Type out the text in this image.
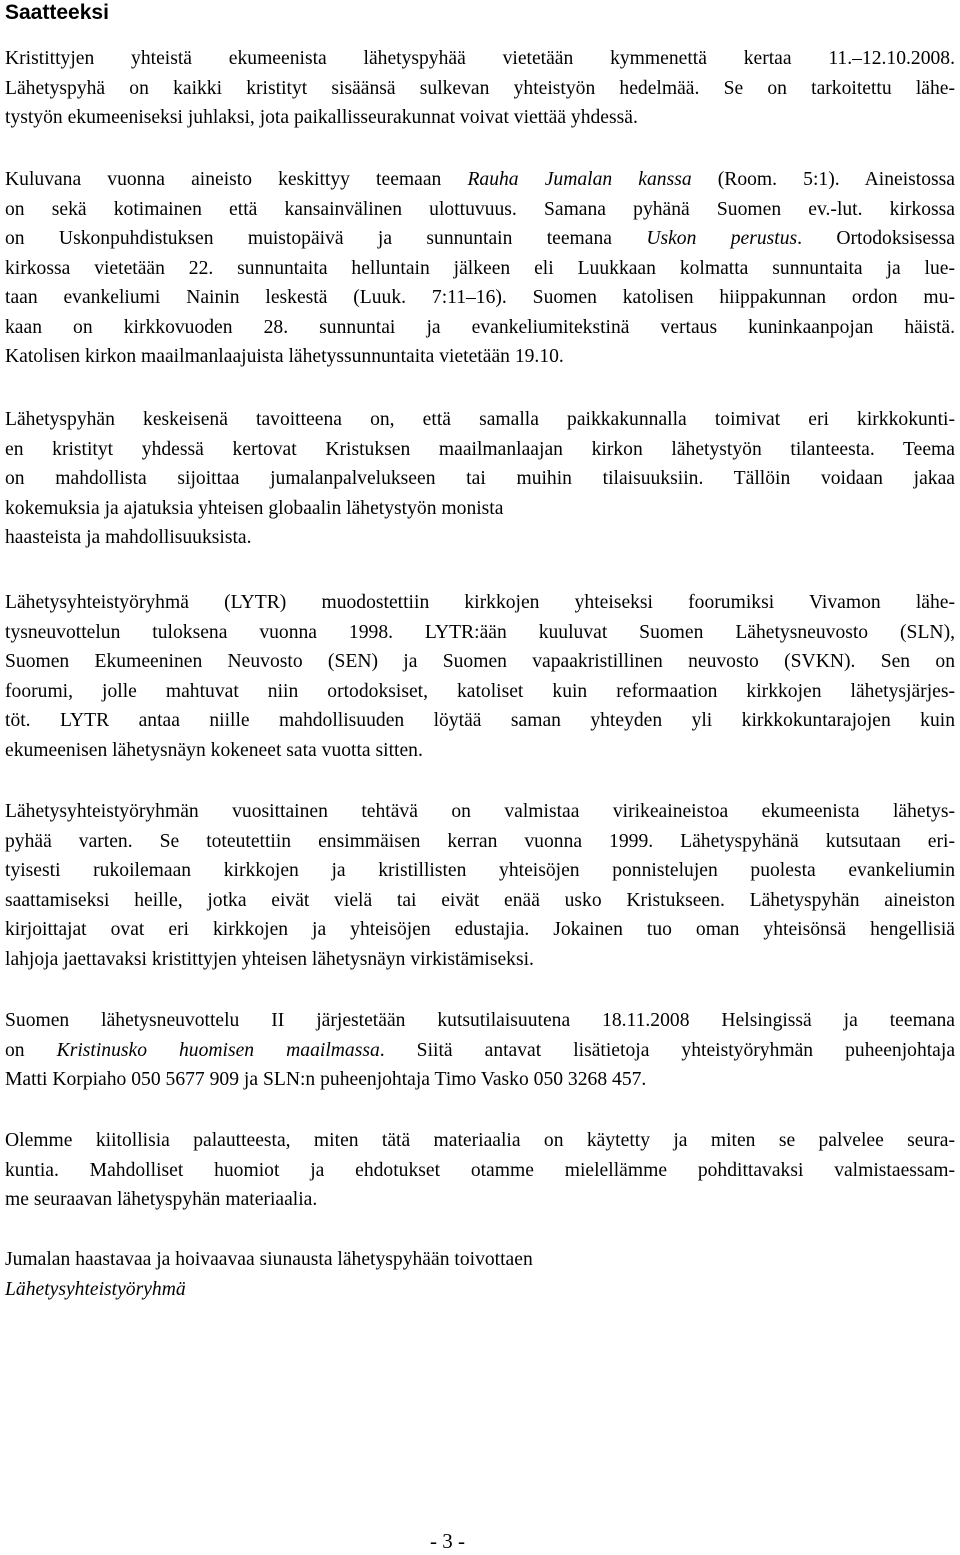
Saatteeksi
Kristittyjen yhteistä ekumeenista lähetyspyhää vietetään kymmenettä kertaa 11.–12.10.2008.
Lähetyspyhä on kaikki kristityt sisäänsä sulkevan yhteistyön hedelmää. Se on tarkoitettu lähe-
tystyön ekumeeniseksi juhlaksi, jota paikallisseurakunnat voivat viettää yhdessä.
Kuluvana vuonna aineisto keskittyy teemaan Rauha Jumalan kanssa (Room. 5:1). Aineistossa
on sekä kotimainen että kansainvälinen ulottuvuus. Samana pyhänä Suomen ev.-lut. kirkossa
on Uskonpuhdistuksen muistopäivä ja sunnuntain teemana Uskon perustus. Ortodoksisessa
kirkossa vietetään 22. sunnuntaita helluntain jälkeen eli Luukkaan kolmatta sunnuntaita ja lue-
taan evankeliumi Nainin leskestä (Luuk. 7:11–16). Suomen katolisen hiippakunnan ordon mu-
kaan on kirkkovuoden 28. sunnuntai ja evankeliumitekstinä vertaus kuninkaanpojan häistä.
Katolisen kirkon maailmanlaajuista lähetyssunnuntaita vietetään 19.10.
Lähetyspyhän keskeisenä tavoitteena on, että samalla paikkakunnalla toimivat eri kirkkokunti-
en kristityt yhdessä kertovat Kristuksen maailmanlaajan kirkon lähetystyön tilanteesta. Teema
on mahdollista sijoittaa jumalanpalvelukseen tai muihin tilaisuuksiin. Tällöin voidaan jakaa
kokemuksia ja ajatuksia yhteisen globaalin lähetystyön monista
haasteista ja mahdollisuuksista.
Lähetysyhteistyöryhmä (LYTR) muodostettiin kirkkojen yhteiseksi foorumiksi Vivamon lähe-
tysneuvottelun tuloksena vuonna 1998. LYTR:ään kuuluvat Suomen Lähetysneuvosto (SLN),
Suomen Ekumeeninen Neuvosto (SEN) ja Suomen vapaakristillinen neuvosto (SVKN). Sen on
foorumi, jolle mahtuvat niin ortodoksiset, katoliset kuin reformaation kirkkojen lähetysjärjes-
töt. LYTR antaa niille mahdollisuuden löytää saman yhteyden yli kirkkokuntarajojen kuin
ekumeenisen lähetysnäyn kokeneet sata vuotta sitten.
Lähetysyhteistyöryhmän vuosittainen tehtävä on valmistaa virikeaineistoa ekumeenista lähetys-
pyhää varten. Se toteutettiin ensimmäisen kerran vuonna 1999. Lähetyspyhänä kutsutaan eri-
tyisesti rukoilemaan kirkkojen ja kristillisten yhteisöjen ponnistelujen puolesta evankeliumin
saattamiseksi heille, jotka eivät vielä tai eivät enää usko Kristukseen. Lähetyspyhän aineiston
kirjoittajat ovat eri kirkkojen ja yhteisöjen edustajia. Jokainen tuo oman yhteisönsä hengellisiä
lahjoja jaettavaksi kristittyjen yhteisen lähetysnäyn virkistämiseksi.
Suomen lähetysneuvottelu II järjestetään kutsutilaisuutena 18.11.2008 Helsingissä ja teemana
on Kristinusko huomisen maailmassa. Siitä antavat lisätietoja yhteistyöryhmän puheenjohtaja
Matti Korpiaho 050 5677 909 ja SLN:n puheenjohtaja Timo Vasko 050 3268 457.
Olemme kiitollisia palautteesta, miten tätä materiaalia on käytetty ja miten se palvelee seura-
kuntia. Mahdolliset huomiot ja ehdotukset otamme mielellämme pohdittavaksi valmistaessam-
me seuraavan lähetyspyhän materiaalia.
Jumalan haastavaa ja hoivaavaa siunausta lähetyspyhään toivottaen
Lähetysyhteistyöryhmä
- 3 -
